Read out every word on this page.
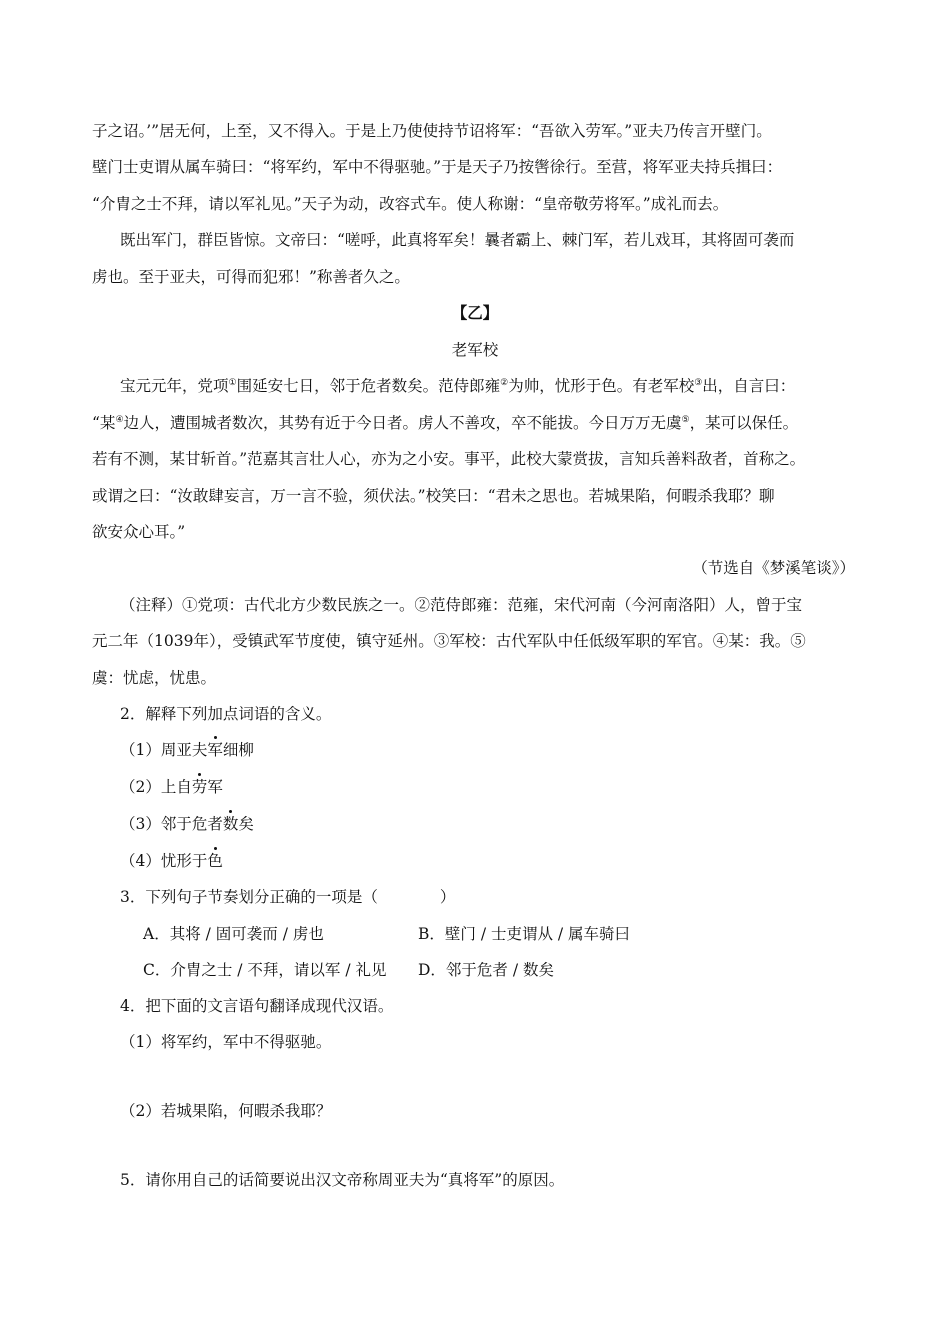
子之诏。’”居无何，上至，又不得入。于是上乃使使持节诏将军：“吾欲入劳军。”亚夫乃传言开壁门。
壁门士吏谓从属车骑曰：“将军约，军中不得驱驰。”于是天子乃按辔徐行。至营，将军亚夫持兵揖曰：
“介胄之士不拜，请以军礼见。”天子为动，改容式车。使人称谢：“皇帝敬劳将军。”成礼而去。
既出军门，群臣皆惊。文帝曰：“嗟呼，此真将军矣！曩者霸上、棘门军，若儿戏耳，其将固可袭而
虏也。至于亚夫，可得而犯邪！”称善者久之。
【乙】
老军校
宝元元年，党项①围延安七日，邻于危者数矣。范侍郎雍②为帅，忧形于色。有老军校③出，自言曰：
“某④边人，遭围城者数次，其势有近于今日者。虏人不善攻，卒不能拔。今日万万无虞⑤，某可以保任。
若有不测，某甘斩首。”范嘉其言壮人心，亦为之小安。事平，此校大蒙赏拔，言知兵善料敌者，首称之。
或谓之曰：“汝敢肆妄言，万一言不验，须伏法。”校笑曰：“君未之思也。若城果陷，何暇杀我耶？聊
欲安众心耳。”
（节选自《梦溪笔谈》）
（注释）①党项：古代北方少数民族之一。②范侍郎雍：范雍，宋代河南（今河南洛阳）人，曾于宝
元二年（1039年），受镇武军节度使，镇守延州。③军校：古代军队中任低级军职的军官。④某：我。⑤
虞：忧虑，忧患。
2．解释下列加点词语的含义。
（1）周亚夫军细柳
（2）上自劳军
（3）邻于危者数矣
（4）忧形于色
3．下列句子节奏划分正确的一项是（　　　　）
A．其将 / 固可袭而 / 虏也	B．壁门 / 士吏谓从 / 属车骑曰
C．介胄之士 / 不拜，请以军 / 礼见 D．邻于危者 / 数矣
4．把下面的文言语句翻译成现代汉语。
（1）将军约，军中不得驱驰。
（2）若城果陷，何暇杀我耶？
5．请你用自己的话简要说出汉文帝称周亚夫为“真将军”的原因。
